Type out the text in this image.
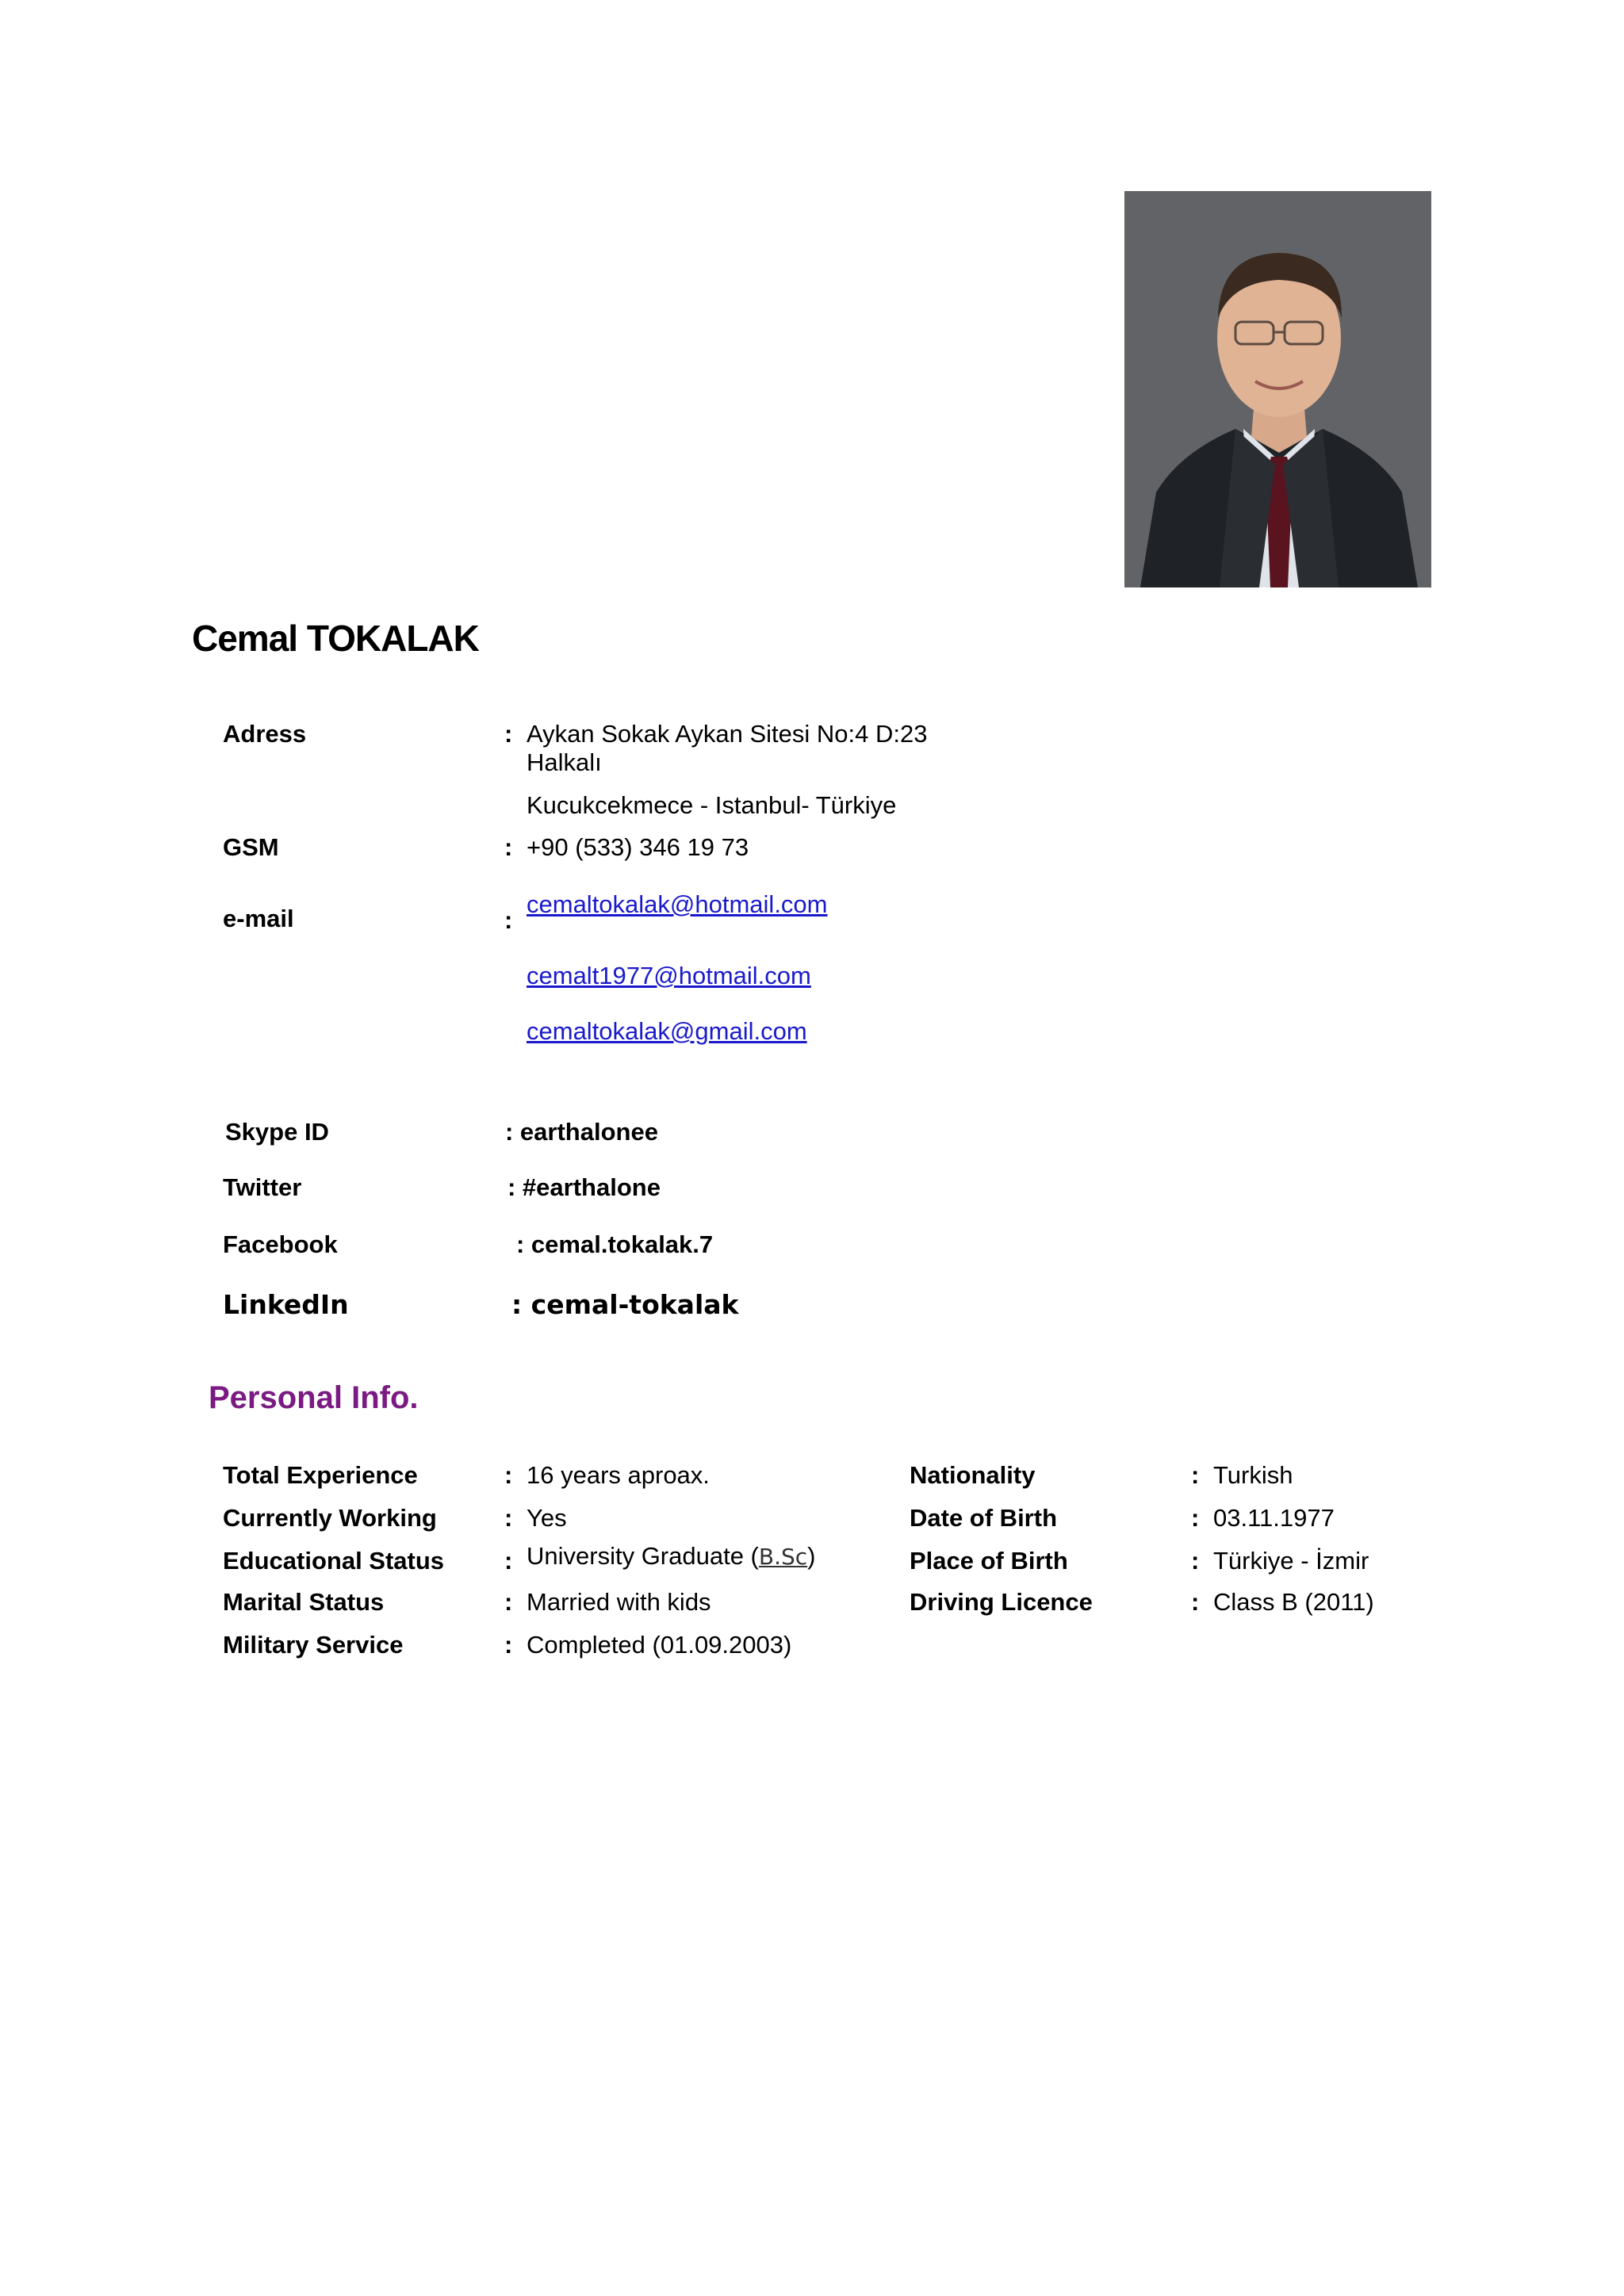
Cemal TOKALAK
Adress	: Aykan Sokak Aykan Sitesi No:4 D:23
Halkalı
Kucukcekmece - Istanbul- Türkiye
GSM	: +90 (533) 346 19 73
e-mail	:
cemaltokalak@hotmail.com
cemalt1977@hotmail.com
cemaltokalak@gmail.com
Skype ID	: earthalonee
Twitter	: #earthalone
Facebook	: cemal.tokalak.7
LinkedIn	: cemal-tokalak
Personal Info.
Total Experience	: 16 years aproax.
Currently Working	: Yes
Educational Status : University Graduate (B.Sc)
Marital Status	: Married with kids
Military Service	: Completed (01.09.2003)
Nationality	: Turkish
Date of Birth	: 03.11.1977
Place of Birth	: Türkiye - İzmir
Driving Licence	: Class B (2011)
